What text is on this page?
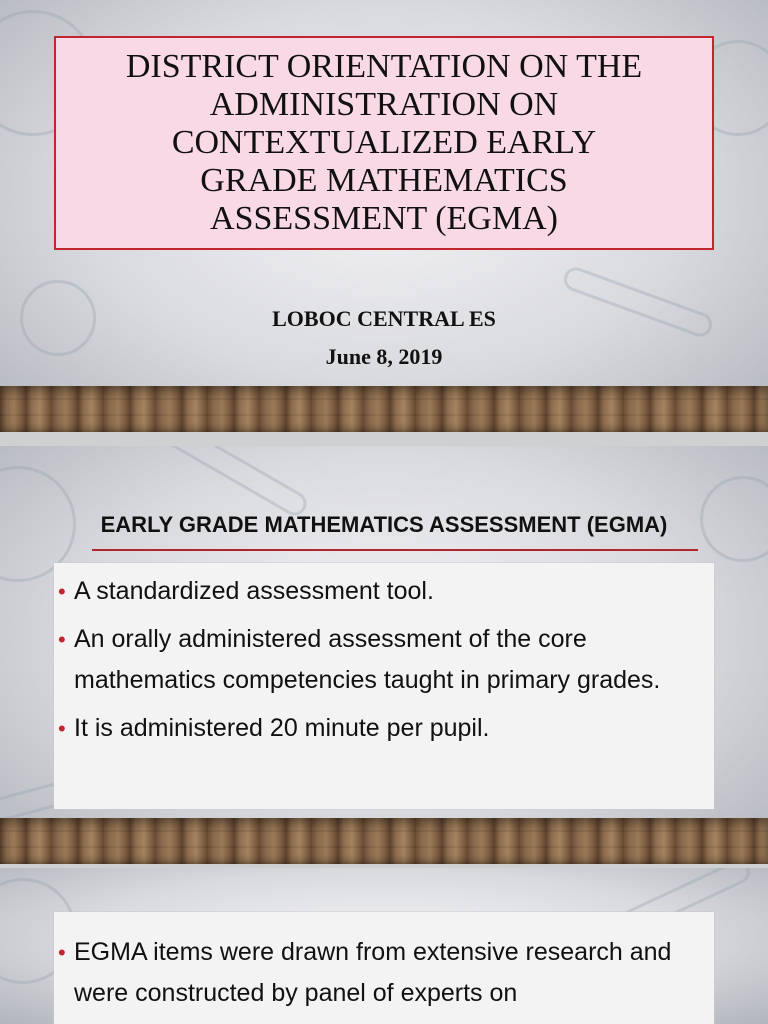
DISTRICT ORIENTATION ON THE
ADMINISTRATION ON
CONTEXTUALIZED EARLY
GRADE MATHEMATICS
ASSESSMENT (EGMA)
LOBOC CENTRAL ES
June 8, 2019
EARLY GRADE MATHEMATICS ASSESSMENT (EGMA)
• A standardized assessment tool.
• An orally administered assessment of the core mathematics competencies taught in primary grades.
• It is administered 20 minute per pupil.
• EGMA items were drawn from extensive research and were constructed by panel of experts on
